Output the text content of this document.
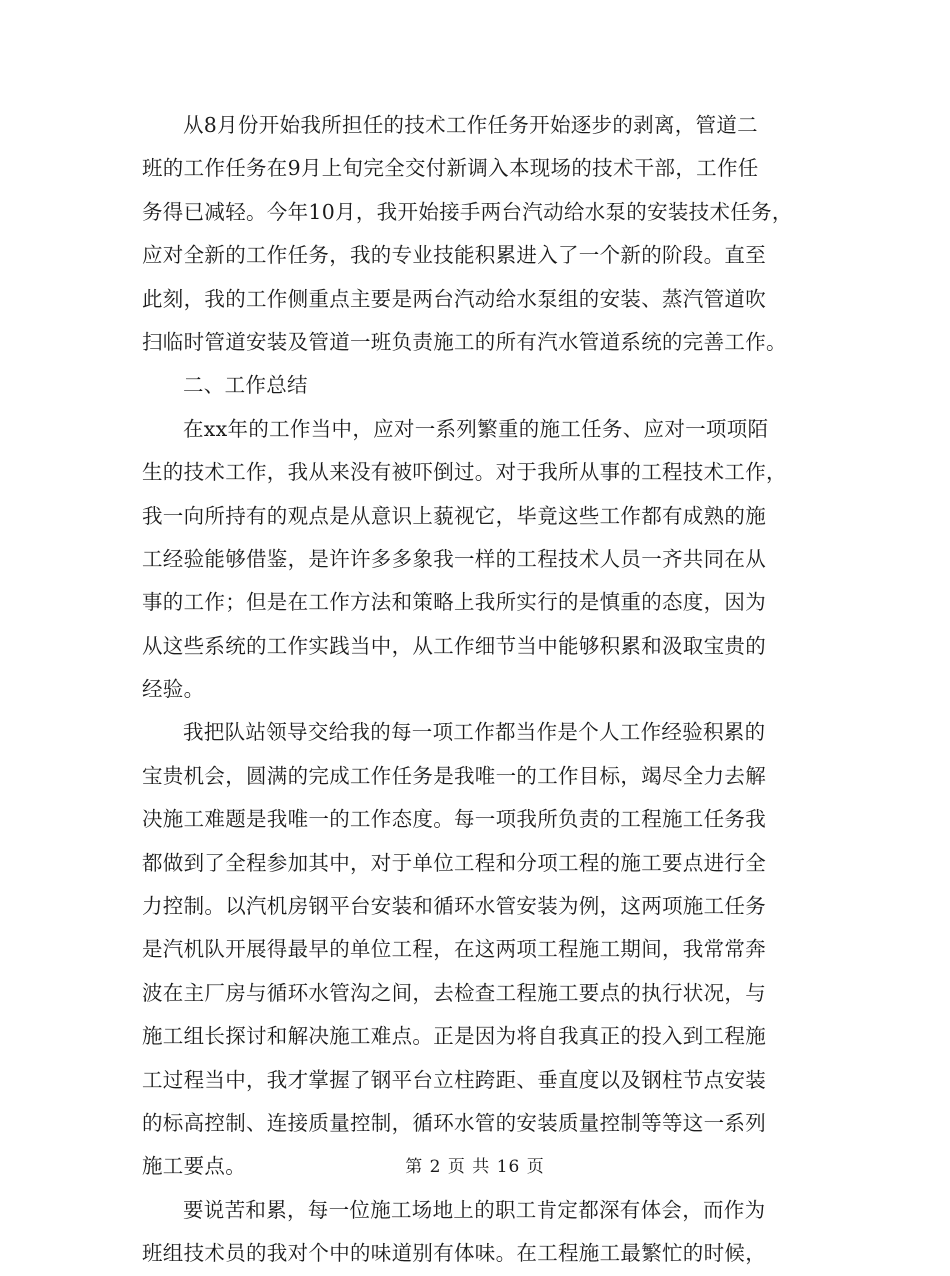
从8月份开始我所担任的技术工作任务开始逐步的剥离，管道二
班的工作任务在9月上旬完全交付新调入本现场的技术干部，工作任
务得已减轻。今年10月，我开始接手两台汽动给水泵的安装技术任务，
应对全新的工作任务，我的专业技能积累进入了一个新的阶段。直至
此刻，我的工作侧重点主要是两台汽动给水泵组的安装、蒸汽管道吹
扫临时管道安装及管道一班负责施工的所有汽水管道系统的完善工作。
二、工作总结
在xx年的工作当中，应对一系列繁重的施工任务、应对一项项陌
生的技术工作，我从来没有被吓倒过。对于我所从事的工程技术工作，
我一向所持有的观点是从意识上藐视它，毕竟这些工作都有成熟的施
工经验能够借鉴，是许许多多象我一样的工程技术人员一齐共同在从
事的工作；但是在工作方法和策略上我所实行的是慎重的态度，因为
从这些系统的工作实践当中，从工作细节当中能够积累和汲取宝贵的
经验。
我把队站领导交给我的每一项工作都当作是个人工作经验积累的
宝贵机会，圆满的完成工作任务是我唯一的工作目标，竭尽全力去解
决施工难题是我唯一的工作态度。每一项我所负责的工程施工任务我
都做到了全程参加其中，对于单位工程和分项工程的施工要点进行全
力控制。以汽机房钢平台安装和循环水管安装为例，这两项施工任务
是汽机队开展得最早的单位工程，在这两项工程施工期间，我常常奔
波在主厂房与循环水管沟之间，去检查工程施工要点的执行状况，与
施工组长探讨和解决施工难点。正是因为将自我真正的投入到工程施
工过程当中，我才掌握了钢平台立柱跨距、垂直度以及钢柱节点安装
的标高控制、连接质量控制，循环水管的安装质量控制等等这一系列
施工要点。
要说苦和累，每一位施工场地上的职工肯定都深有体会，而作为
班组技术员的我对个中的味道别有体味。在工程施工最繁忙的时候，
第 2 页 共 16 页
